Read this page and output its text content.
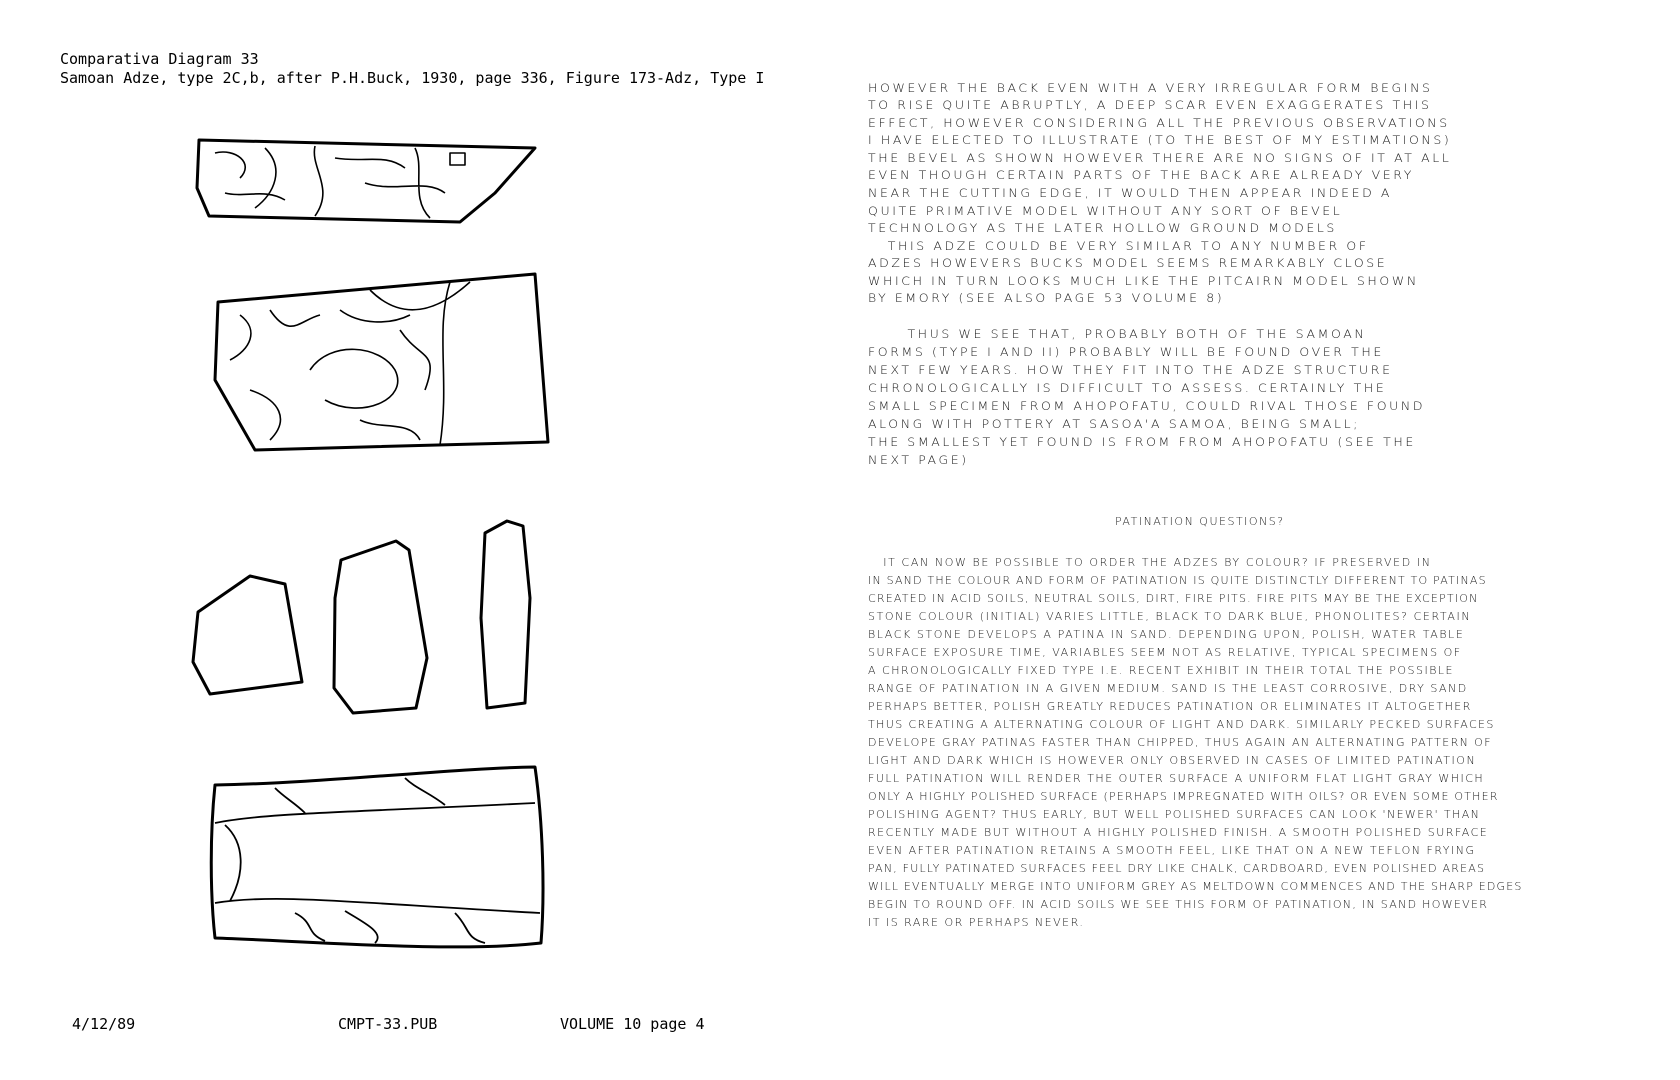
Comparativa Diagram 33
Samoan Adze, type 2C,b, after P.H.Buck, 1930, page 336, Figure 173-Adz, Type I
HOWEVER THE BACK EVEN WITH A VERY IRREGULAR FORM BEGINS
TO RISE QUITE ABRUPTLY, A DEEP SCAR EVEN EXAGGERATES THIS
EFFECT, HOWEVER CONSIDERING ALL THE PREVIOUS OBSERVATIONS
I HAVE ELECTED TO ILLUSTRATE (TO THE BEST OF MY ESTIMATIONS)
THE BEVEL AS SHOWN HOWEVER THERE ARE NO SIGNS OF IT AT ALL
EVEN THOUGH CERTAIN PARTS OF THE BACK ARE ALREADY VERY
NEAR THE CUTTING EDGE, IT WOULD THEN APPEAR INDEED A
QUITE PRIMATIVE MODEL WITHOUT ANY SORT OF BEVEL
TECHNOLOGY AS THE LATER HOLLOW GROUND MODELS
THIS ADZE COULD BE VERY SIMILAR TO ANY NUMBER OF
ADZES HOWEVERS BUCKS MODEL SEEMS REMARKABLY CLOSE
WHICH IN TURN LOOKS MUCH LIKE THE PITCAIRN MODEL SHOWN
BY EMORY (SEE ALSO PAGE 53 VOLUME 8)
THUS WE SEE THAT, PROBABLY BOTH OF THE SAMOAN
FORMS (TYPE I AND II) PROBABLY WILL BE FOUND OVER THE
NEXT FEW YEARS. HOW THEY FIT INTO THE ADZE STRUCTURE
CHRONOLOGICALLY IS DIFFICULT TO ASSESS. CERTAINLY THE
SMALL SPECIMEN FROM AHOPOFATU, COULD RIVAL THOSE FOUND
ALONG WITH POTTERY AT SASOA'A SAMOA, BEING SMALL;
THE SMALLEST YET FOUND IS FROM FROM AHOPOFATU (SEE THE
NEXT PAGE)
PATINATION QUESTIONS?
IT CAN NOW BE POSSIBLE TO ORDER THE ADZES BY COLOUR? IF PRESERVED IN
IN SAND THE COLOUR AND FORM OF PATINATION IS QUITE DISTINCTLY DIFFERENT TO PATINAS
CREATED IN ACID SOILS, NEUTRAL SOILS, DIRT, FIRE PITS. FIRE PITS MAY BE THE EXCEPTION
STONE COLOUR (INITIAL) VARIES LITTLE, BLACK TO DARK BLUE, PHONOLITES? CERTAIN
BLACK STONE DEVELOPS A PATINA IN SAND. DEPENDING UPON, POLISH, WATER TABLE
SURFACE EXPOSURE TIME, VARIABLES SEEM NOT AS RELATIVE, TYPICAL SPECIMENS OF
A CHRONOLOGICALLY FIXED TYPE I.E. RECENT EXHIBIT IN THEIR TOTAL THE POSSIBLE
RANGE OF PATINATION IN A GIVEN MEDIUM. SAND IS THE LEAST CORROSIVE, DRY SAND
PERHAPS BETTER, POLISH GREATLY REDUCES PATINATION OR ELIMINATES IT ALTOGETHER
THUS CREATING A ALTERNATING COLOUR OF LIGHT AND DARK. SIMILARLY PECKED SURFACES
DEVELOPE GRAY PATINAS FASTER THAN CHIPPED, THUS AGAIN AN ALTERNATING PATTERN OF
LIGHT AND DARK WHICH IS HOWEVER ONLY OBSERVED IN CASES OF LIMITED PATINATION
FULL PATINATION WILL RENDER THE OUTER SURFACE A UNIFORM FLAT LIGHT GRAY WHICH
ONLY A HIGHLY POLISHED SURFACE (PERHAPS IMPREGNATED WITH OILS? OR EVEN SOME OTHER
POLISHING AGENT? THUS EARLY, BUT WELL POLISHED SURFACES CAN LOOK 'NEWER' THAN
RECENTLY MADE BUT WITHOUT A HIGHLY POLISHED FINISH. A SMOOTH POLISHED SURFACE
EVEN AFTER PATINATION RETAINS A SMOOTH FEEL, LIKE THAT ON A NEW TEFLON FRYING
PAN, FULLY PATINATED SURFACES FEEL DRY LIKE CHALK, CARDBOARD, EVEN POLISHED AREAS
WILL EVENTUALLY MERGE INTO UNIFORM GREY AS MELTDOWN COMMENCES AND THE SHARP EDGES
BEGIN TO ROUND OFF. IN ACID SOILS WE SEE THIS FORM OF PATINATION, IN SAND HOWEVER
IT IS RARE OR PERHAPS NEVER.
4/12/89	CMPT-33.PUB	VOLUME 10 page 4
